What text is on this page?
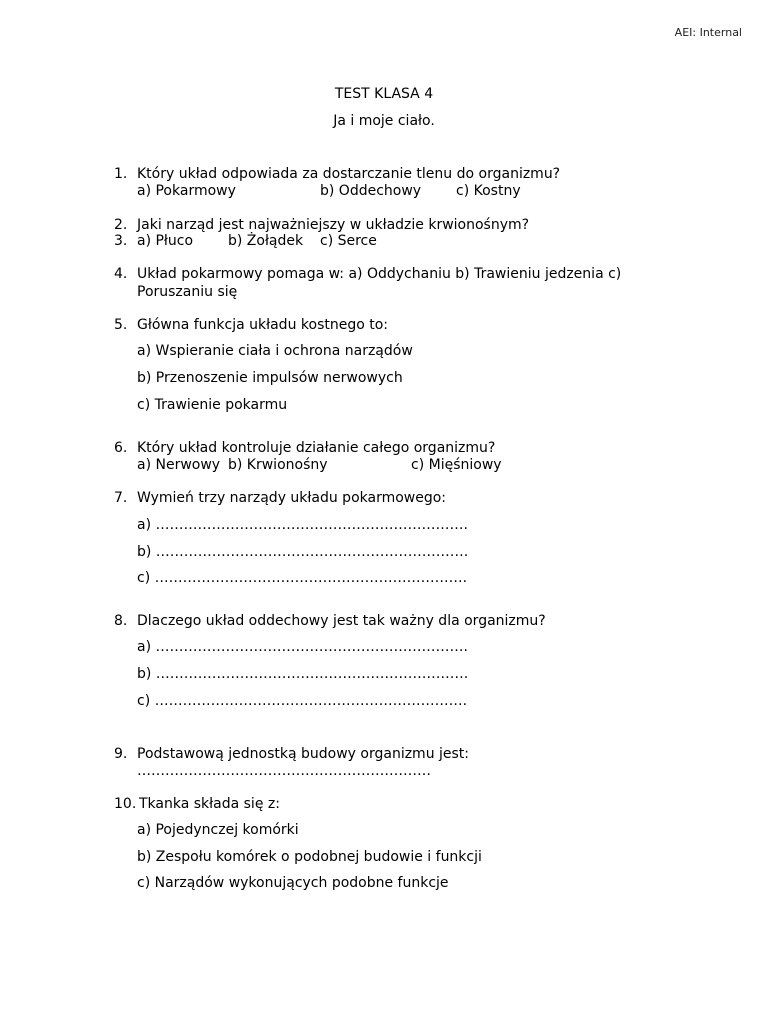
AEI: Internal
TEST KLASA 4
Ja i moje ciało.
1. Który układ odpowiada za dostarczanie tlenu do organizmu?
a) Pokarmowy	b) Oddechowy c) Kostny
2. Jaki narząd jest najważniejszy w układzie krwionośnym?
3. a) Płuco b) Żołądek c) Serce
4. Układ pokarmowy pomaga w: a) Oddychaniu b) Trawieniu jedzenia c)
Poruszaniu się
5. Główna funkcja układu kostnego to:
a) Wspieranie ciała i ochrona narządów
b) Przenoszenie impulsów nerwowych
c) Trawienie pokarmu
6. Który układ kontroluje działanie całego organizmu?
a) Nerwowy b) Krwionośny	c) Mięśniowy
7. Wymień trzy narządy układu pokarmowego:
a) ………………………………………………………….
b) ………………………………………………………….
c) ………………………………………………………….
8. Dlaczego układ oddechowy jest tak ważny dla organizmu?
a) ………………………………………………………….
b) ………………………………………………………….
c) ………………………………………………………….
9. Podstawową jednostką budowy organizmu jest:
………………………………………………………
10. Tkanka składa się z:
a) Pojedynczej komórki
b) Zespołu komórek o podobnej budowie i funkcji
c) Narządów wykonujących podobne funkcje
